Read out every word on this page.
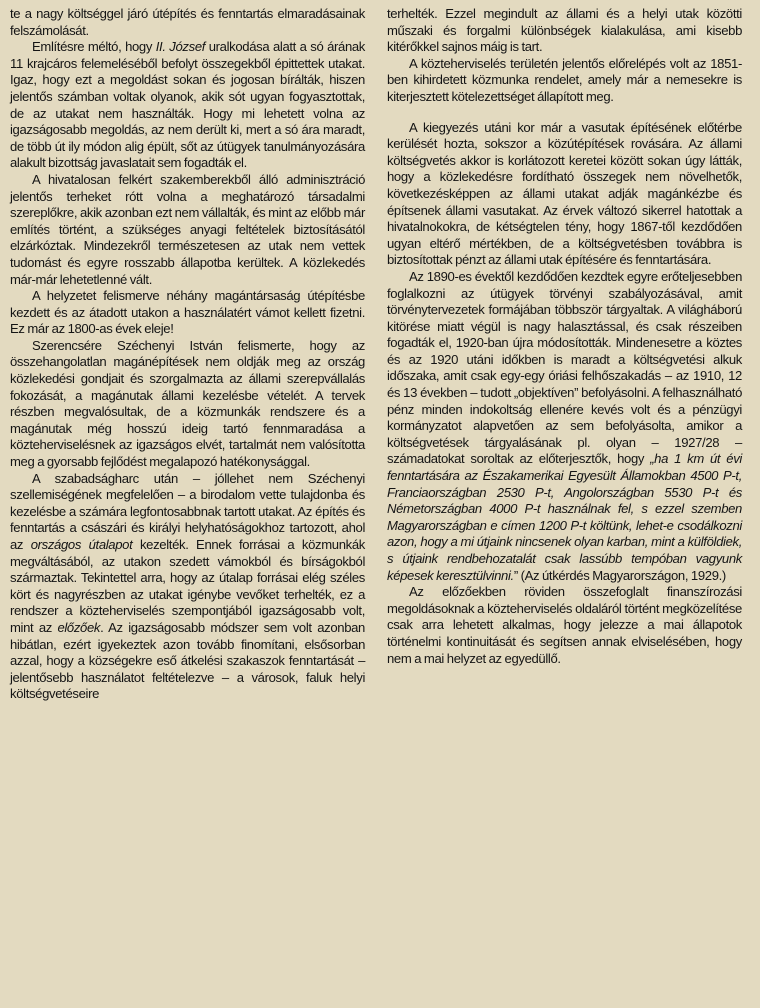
te a nagy költséggel járó útépítés és fenntartás elmaradásainak felszámolását.

Említésre méltó, hogy II. József uralkodása alatt a só árának 11 krajcáros felemeléséből befolyt összegekből épittettek utakat. Igaz, hogy ezt a megoldást sokan és jogosan bírálták, hiszen jelentős számban voltak olyanok, akik sót ugyan fogyasztottak, de az utakat nem használták. Hogy mi lehetett volna az igazságosabb megoldás, az nem derült ki, mert a só ára maradt, de több út ily módon alig épült, sőt az útügyek tanulmányozására alakult bizottság javaslatait sem fogadták el.

A hivatalosan felkért szakemberekből álló adminisztráció jelentős terheket rótt volna a meghatározó társadalmi szereplőkre, akik azonban ezt nem vállalták, és mint az előbb már említés történt, a szükséges anyagi feltételek biztosításától elzárkóztak. Mindezekről természetesen az utak nem vettek tudomást és egyre rosszabb állapotba kerültek. A közlekedés már-már lehetetlenné vált.

A helyzetet felismerve néhány magántársaság útépítésbe kezdett és az átadott utakon a használatért vámot kellett fizetni. Ez már az 1800-as évek eleje!

Szerencsére Széchenyi István felismerte, hogy az összehangolatlan magánépítések nem oldják meg az ország közlekedési gondjait és szorgalmazta az állami szerepvállalás fokozását, a magánutak állami kezelésbe vételét. A tervek részben megvalósultak, de a közmunkák rendszere és a magánutak még hosszú ideig tartó fennmaradása a közteherviselésnek az igazságos elvét, tartalmát nem valósította meg a gyorsabb fejlődést megalapozó hatékonysággal.

A szabadságharc után – jóllehet nem Széchenyi szellemiségének megfelelően – a birodalom vette tulajdonba és kezelésbe a számára legfontosabbnak tartott utakat. Az építés és fenntartás a császári és királyi helyhatóságokhoz tartozott, ahol az országos útalapot kezelték. Ennek forrásai a közmunkák megváltásából, az utakon szedett vámokból és bírságokból származtak. Tekintettel arra, hogy az útalap forrásai elég széles kört és nagyrészben az utakat igénybe vevőket terhelték, ez a rendszer a közteherviselés szempontjából igazságosabb volt, mint az előzőek. Az igazságosabb módszer sem volt azonban hibátlan, ezért igyekeztek azon tovább finomítani, elsősorban azzal, hogy a községekre eső átkelési szakaszok fenntartását – jelentősebb használatot feltételezve – a városok, faluk helyi költségvetéseire

terhelték. Ezzel megindult az állami és a helyi utak közötti műszaki és forgalmi különbségek kialakulása, ami kisebb kitérőkkel sajnos máig is tart.

A közteherviselés területén jelentős előrelépés volt az 1851-ben kihirdetett közmunka rendelet, amely már a nemesekre is kiterjesztett kötelezettséget állapított meg.

A kiegyezés utáni kor már a vasutak építésének előtérbe kerülését hozta, sokszor a közútépítések rovására. Az állami költségvetés akkor is korlátozott keretei között sokan úgy látták, hogy a közlekedésre fordítható összegek nem növelhetők, következésképpen az állami utakat adják magánkézbe és építsenek állami vasutakat. Az érvek változó sikerrel hatottak a hivatalnokokra, de kétségtelen tény, hogy 1867-től kezdődően ugyan eltérő mértékben, de a költségvetésben továbbra is biztosítottak pénzt az állami utak építésére és fenntartására.

Az 1890-es évektől kezdődően kezdtek egyre erőteljesebben foglalkozni az útügyek törvényi szabályozásával, amit törvénytervezetek formájában többször tárgyaltak. A világháború kitörése miatt végül is nagy halasztással, és csak részeiben fogadták el, 1920-ban újra módosították. Mindenesetre a köztes és az 1920 utáni időkben is maradt a költségvetési alkuk időszaka, amit csak egy-egy óriási felhőszakadás – az 1910, 12 és 13 években – tudott „objektíven” befolyásolni. A felhasználható pénz minden indokoltság ellenére kevés volt és a pénzügyi kormányzatot alapvetően az sem befolyásolta, amikor a költségvetések tárgyalásának pl. olyan – 1927/28 – számadatokat soroltak az előterjesztők, hogy „ha 1 km út évi fenntartására az Északamerikai Egyesült Államokban 4500 P-t, Franciaországban 2530 P-t, Angolországban 5530 P-t és Németországban 4000 P-t használnak fel, s ezzel szemben Magyarországban e címen 1200 P-t költünk, lehet-e csodálkozni azon, hogy a mi útjaink nincsenek olyan karban, mint a külföldiek, s útjaink rendbehozatalát csak lassúbb tempóban vagyunk képesek keresztülvinni.” (Az útkérdés Magyarországon, 1929.)

Az előzőekben röviden összefoglalt finanszírozási megoldásoknak a közteherviselés oldaláról történt megközelítése csak arra lehetett alkalmas, hogy jelezze a mai állapotok történelmi kontinuitását és segítsen annak elviselésében, hogy nem a mai helyzet az egyedüllő.
